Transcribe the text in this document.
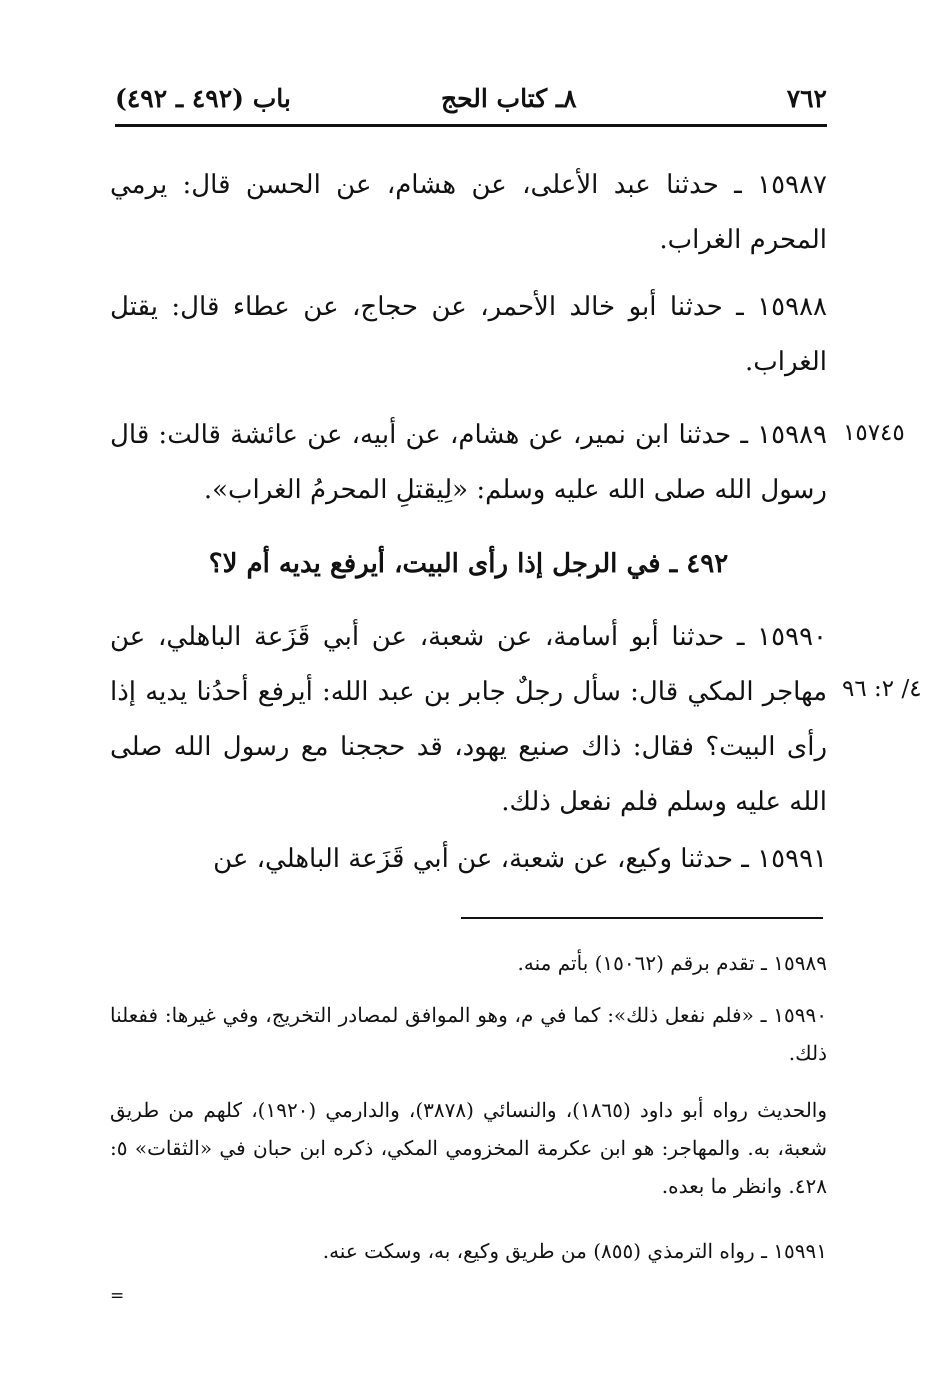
٧٦٢
٨ـ كتاب الحج
باب (٤٩٢ ـ ٤٩٢)
١٥٩٨٧ ـ حدثنا عبد الأعلى، عن هشام، عن الحسن قال: يرمي المحرم الغراب.
١٥٩٨٨ ـ حدثنا أبو خالد الأحمر، عن حجاج، عن عطاء قال: يقتل الغراب.
١٥٩٨٩ ـ حدثنا ابن نمير، عن هشام، عن أبيه، عن عائشة قالت: قال رسول الله صلى الله عليه وسلم: «لِيقتلِ المحرمُ الغراب».
١٥٧٤٥
٤٩٢ ـ في الرجل إذا رأى البيت، أيرفع يديه أم لا؟
١٥٩٩٠ ـ حدثنا أبو أسامة، عن شعبة، عن أبي قَزَعة الباهلي، عن مهاجر المكي قال: سأل رجلٌ جابر بن عبد الله: أيرفع أحدُنا يديه إذا رأى البيت؟ فقال: ذاك صنيع يهود، قد حججنا مع رسول الله صلى الله عليه وسلم فلم نفعل ذلك.
٤/ ٢: ٩٦
١٥٩٩١ ـ حدثنا وكيع، عن شعبة، عن أبي قَزَعة الباهلي، عن
١٥٩٨٩ ـ تقدم برقم (١٥٠٦٢) بأتم منه.
١٥٩٩٠ ـ «فلم نفعل ذلك»: كما في م، وهو الموافق لمصادر التخريج، وفي غيرها: ففعلنا ذلك.
والحديث رواه أبو داود (١٨٦٥)، والنسائي (٣٨٧٨)، والدارمي (١٩٢٠)، كلهم من طريق شعبة، به. والمهاجر: هو ابن عكرمة المخزومي المكي، ذكره ابن حبان في «الثقات» ٥: ٤٢٨. وانظر ما بعده.
١٥٩٩١ ـ رواه الترمذي (٨٥٥) من طريق وكيع، به، وسكت عنه.
=
